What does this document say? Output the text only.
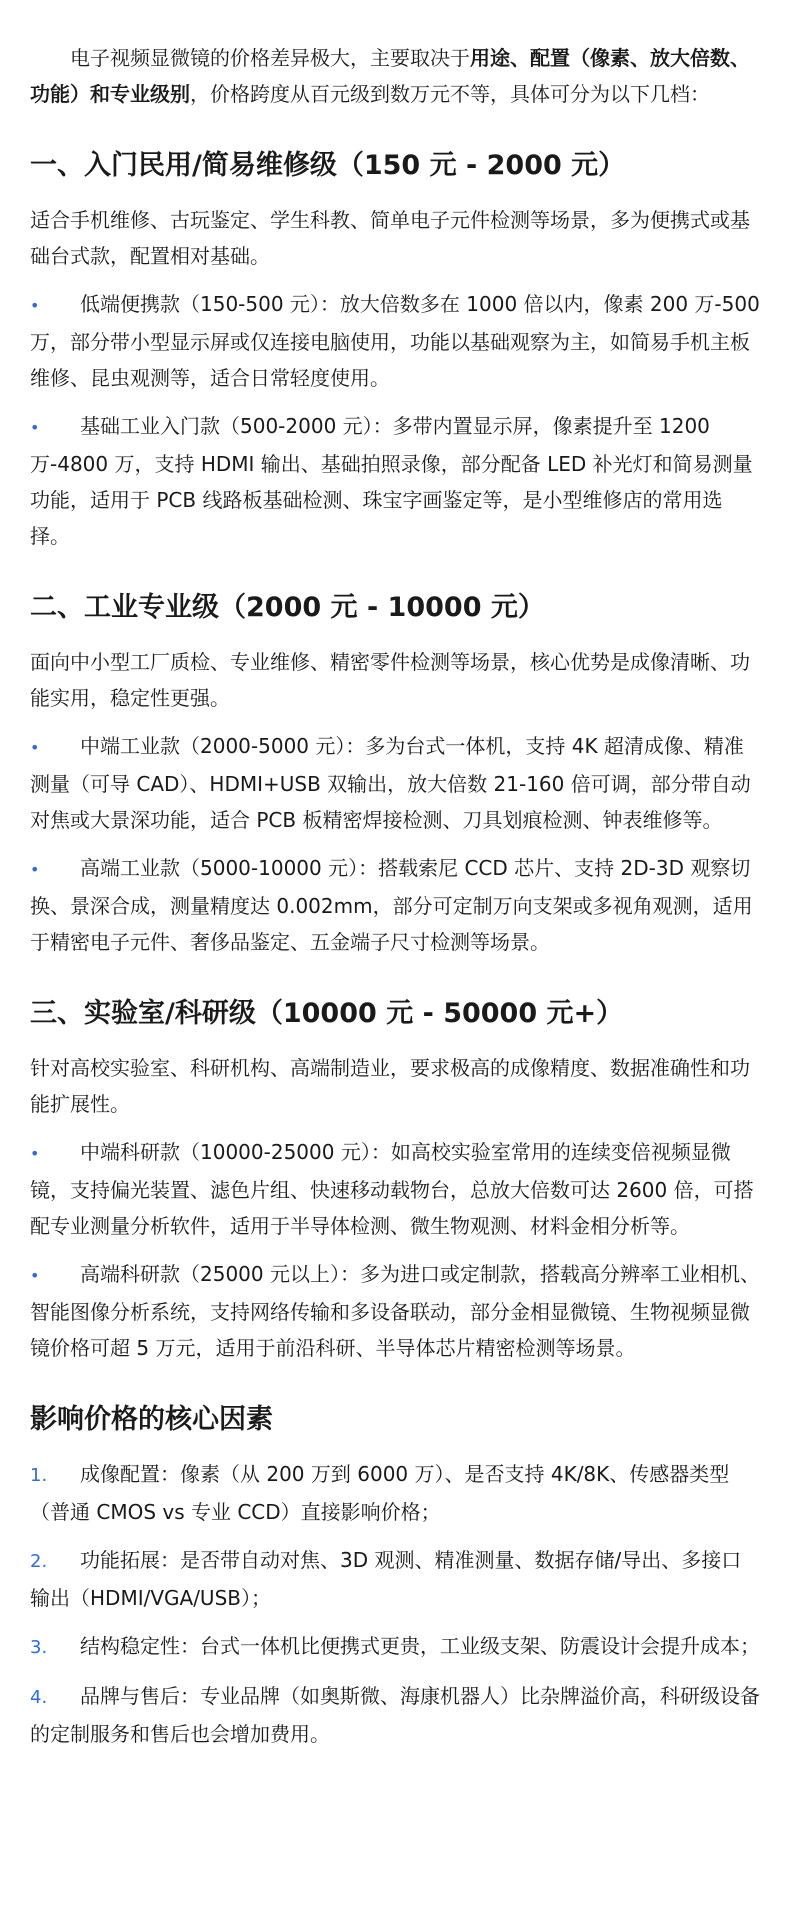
电子视频显微镜的价格差异极大，主要取决于用途、配置（像素、放大倍数、功能）和专业级别，价格跨度从百元级到数万元不等，具体可分为以下几档：

一、入门民用/简易维修级（150 元 - 2000 元）

适合手机维修、古玩鉴定、学生科教、简单电子元件检测等场景，多为便携式或基础台式款，配置相对基础。

• 低端便携款（150-500 元）：放大倍数多在 1000 倍以内，像素 200 万-500 万，部分带小型显示屏或仅连接电脑使用，功能以基础观察为主，如简易手机主板维修、昆虫观测等，适合日常轻度使用。

• 基础工业入门款（500-2000 元）：多带内置显示屏，像素提升至 1200 万-4800 万，支持 HDMI 输出、基础拍照录像，部分配备 LED 补光灯和简易测量功能，适用于 PCB 线路板基础检测、珠宝字画鉴定等，是小型维修店的常用选择。

二、工业专业级（2000 元 - 10000 元）

面向中小型工厂质检、专业维修、精密零件检测等场景，核心优势是成像清晰、功能实用，稳定性更强。

• 中端工业款（2000-5000 元）：多为台式一体机，支持 4K 超清成像、精准测量（可导 CAD）、HDMI+USB 双输出，放大倍数 21-160 倍可调，部分带自动对焦或大景深功能，适合 PCB 板精密焊接检测、刀具划痕检测、钟表维修等。

• 高端工业款（5000-10000 元）：搭载索尼 CCD 芯片、支持 2D-3D 观察切换、景深合成，测量精度达 0.002mm，部分可定制万向支架或多视角观测，适用于精密电子元件、奢侈品鉴定、五金端子尺寸检测等场景。

三、实验室/科研级（10000 元 - 50000 元+）

针对高校实验室、科研机构、高端制造业，要求极高的成像精度、数据准确性和功能扩展性。

• 中端科研款（10000-25000 元）：如高校实验室常用的连续变倍视频显微镜，支持偏光装置、滤色片组、快速移动载物台，总放大倍数可达 2600 倍，可搭配专业测量分析软件，适用于半导体检测、微生物观测、材料金相分析等。

• 高端科研款（25000 元以上）：多为进口或定制款，搭载高分辨率工业相机、智能图像分析系统，支持网络传输和多设备联动，部分金相显微镜、生物视频显微镜价格可超 5 万元，适用于前沿科研、半导体芯片精密检测等场景。

影响价格的核心因素

1. 成像配置：像素（从 200 万到 6000 万）、是否支持 4K/8K、传感器类型（普通 CMOS vs 专业 CCD）直接影响价格；

2. 功能拓展：是否带自动对焦、3D 观测、精准测量、数据存储/导出、多接口输出（HDMI/VGA/USB）；

3. 结构稳定性：台式一体机比便携式更贵，工业级支架、防震设计会提升成本；

4. 品牌与售后：专业品牌（如奥斯微、海康机器人）比杂牌溢价高，科研级设备的定制服务和售后也会增加费用。
